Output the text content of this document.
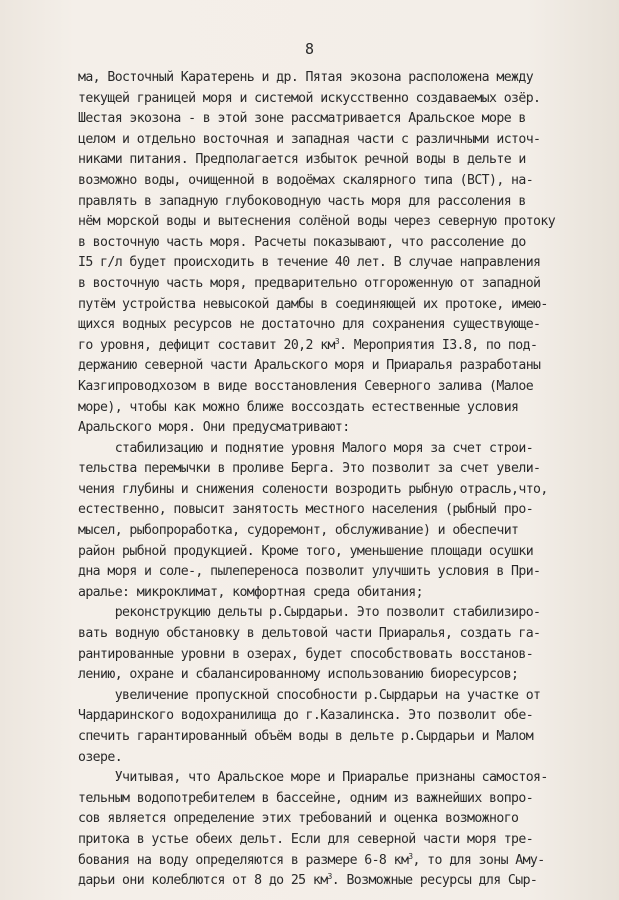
8
ма, Восточный Каратерень и др. Пятая экозона расположена между
текущей границей моря и системой искусственно создаваемых озёр.
Шестая экозона - в этой зоне рассматривается Аральское море в
целом и отдельно восточная и западная части с различными источ-
никами питания. Предполагается избыток речной воды в дельте и
возможно воды, очищенной в водоёмах скалярного типа (ВСТ), на-
правлять в западную глубоководную часть моря для рассоления в
нём морской воды и вытеснения солёной воды через северную протоку
в восточную часть моря. Расчеты показывают, что рассоление до
I5 г/л будет происходить в течение 40 лет. В случае направления
в восточную часть моря, предварительно отгороженную от западной
путём устройства невысокой дамбы в соединяющей их протоке, имею-
щихся водных ресурсов не достаточно для сохранения существующе-
го уровня, дефицит составит 20,2 $км^3$. Мероприятия I3.8, по под-
держанию северной части Аральского моря и Приаралья разработаны
Казгипроводхозом в виде восстановления Северного залива (Малое
море), чтобы как можно ближе воссоздать естественные условия
Аральского моря. Они предусматривают:
стабилизацию и поднятие уровня Малого моря за счет строи-
тельства перемычки в проливе Берга. Это позволит за счет увели-
чения глубины и снижения солености возродить рыбную отрасль,что,
естественно, повысит занятость местного населения (рыбный про-
мысел, рыбопроработка, судоремонт, обслуживание) и обеспечит
район рыбной продукцией. Кроме того, уменьшение площади осушки
дна моря и соле-, пылепереноса позволит улучшить условия в При-
аралье: микроклимат, комфортная среда обитания;
реконструкцию дельты р.Сырдарьи. Это позволит стабилизиро-
вать водную обстановку в дельтовой части Приаралья, создать га-
рантированные уровни в озерах, будет способствовать восстанов-
лению, охране и сбалансированному использованию биоресурсов;
увеличение пропускной способности р.Сырдарьи на участке от
Чардаринского водохранилища до г.Казалинска. Это позволит обе-
спечить гарантированный объём воды в дельте р.Сырдарьи и Малом
озере.
Учитывая, что Аральское море и Приаралье признаны самостоя-
тельным водопотребителем в бассейне, одним из важнейших вопро-
сов является определение этих требований и оценка возможного
притока в устье обеих дельт. Если для северной части моря тре-
бования на воду определяются в размере 6-8 $км^3$, то для зоны Аму-
дарьи они колеблются от 8 до 25 $км^3$. Возможные ресурсы для Сыр-
